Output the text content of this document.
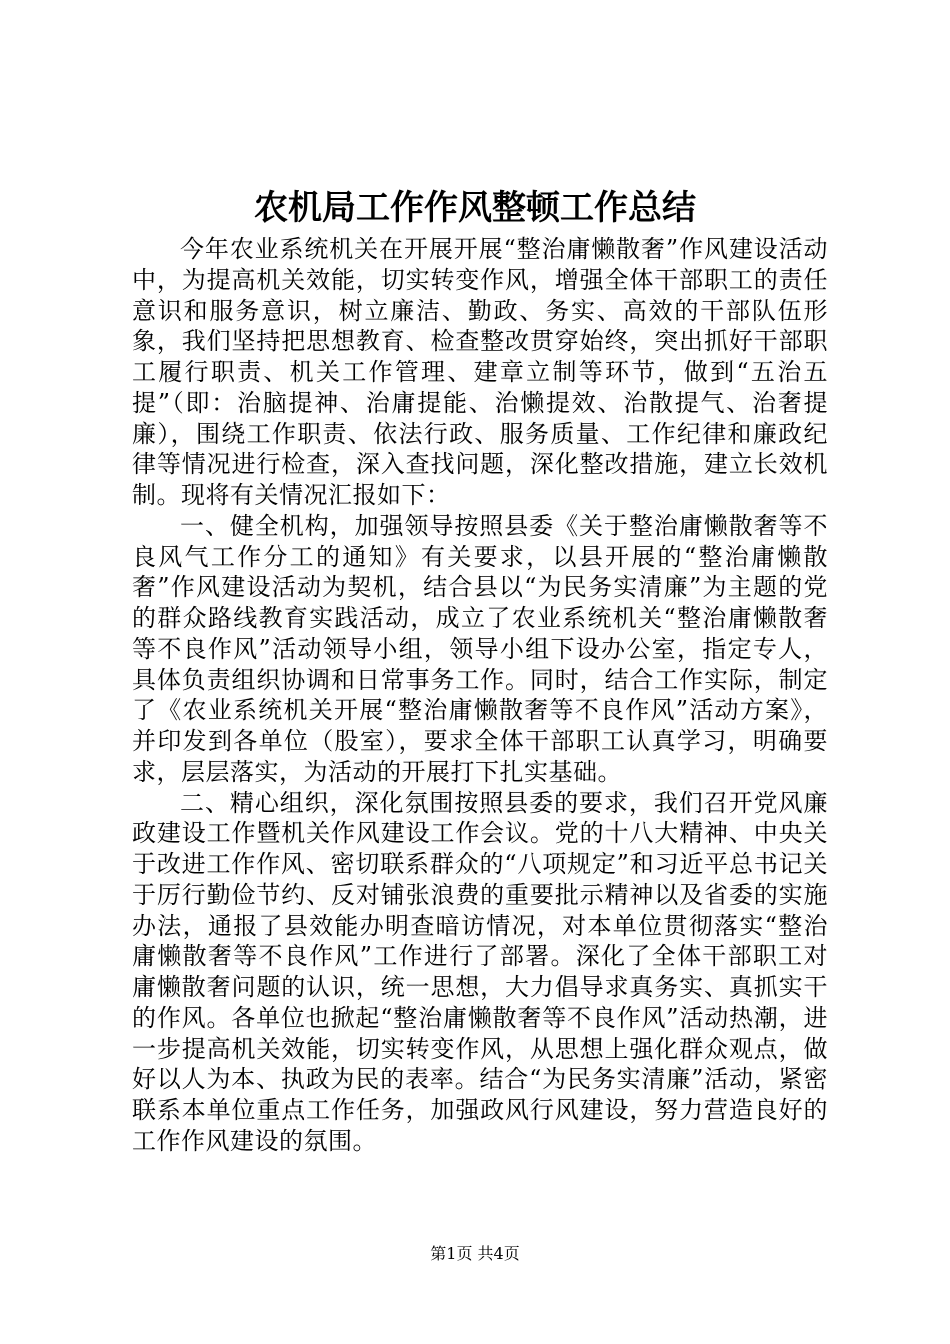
农机局工作作风整顿工作总结

今年农业系统机关在开展开展“整治庸懒散奢”作风建设活动中，为提高机关效能，切实转变作风，增强全体干部职工的责任意识和服务意识，树立廉洁、勤政、务实、高效的干部队伍形象，我们坚持把思想教育、检查整改贯穿始终，突出抓好干部职工履行职责、机关工作管理、建章立制等环节，做到“五治五提”（即：治脑提神、治庸提能、治懒提效、治散提气、治奢提廉），围绕工作职责、依法行政、服务质量、工作纪律和廉政纪律等情况进行检查，深入查找问题，深化整改措施，建立长效机制。现将有关情况汇报如下：

一、健全机构，加强领导按照县委《关于整治庸懒散奢等不良风气工作分工的通知》有关要求，以县开展的“整治庸懒散奢”作风建设活动为契机，结合县以“为民务实清廉”为主题的党的群众路线教育实践活动，成立了农业系统机关“整治庸懒散奢等不良作风”活动领导小组，领导小组下设办公室，指定专人，具体负责组织协调和日常事务工作。同时，结合工作实际，制定了《农业系统机关开展“整治庸懒散奢等不良作风”活动方案》，并印发到各单位（股室），要求全体干部职工认真学习，明确要求，层层落实，为活动的开展打下扎实基础。

二、精心组织，深化氛围按照县委的要求，我们召开党风廉政建设工作暨机关作风建设工作会议。党的十八大精神、中央关于改进工作作风、密切联系群众的“八项规定”和习近平总书记关于厉行勤俭节约、反对铺张浪费的重要批示精神以及省委的实施办法，通报了县效能办明查暗访情况，对本单位贯彻落实“整治庸懒散奢等不良作风”工作进行了部署。深化了全体干部职工对庸懒散奢问题的认识，统一思想，大力倡导求真务实、真抓实干的作风。各单位也掀起“整治庸懒散奢等不良作风”活动热潮，进一步提高机关效能，切实转变作风，从思想上强化群众观点，做好以人为本、执政为民的表率。结合“为民务实清廉”活动，紧密联系本单位重点工作任务，加强政风行风建设，努力营造良好的工作作风建设的氛围。

第1页 共4页
